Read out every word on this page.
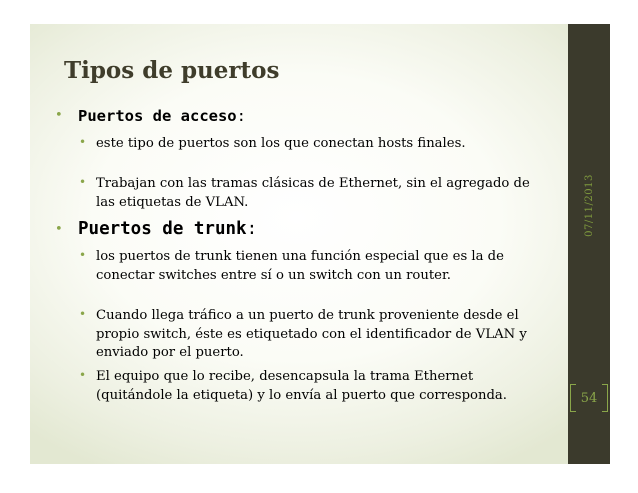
07/11/2013
54
Tipos de puertos
• Puertos de acceso:
• este tipo de puertos son los que conectan hosts finales.
• Trabajan con las tramas clásicas de Ethernet, sin el agregado de las etiquetas de VLAN.
• Puertos de trunk:
• los puertos de trunk tienen una función especial que es la de conectar switches entre sí o un switch con un router.
• Cuando llega tráfico a un puerto de trunk proveniente desde el propio switch, éste es etiquetado con el identificador de VLAN y enviado por el puerto.
• El equipo que lo recibe, desencapsula la trama Ethernet (quitándole la etiqueta) y lo envía al puerto que corresponda.
